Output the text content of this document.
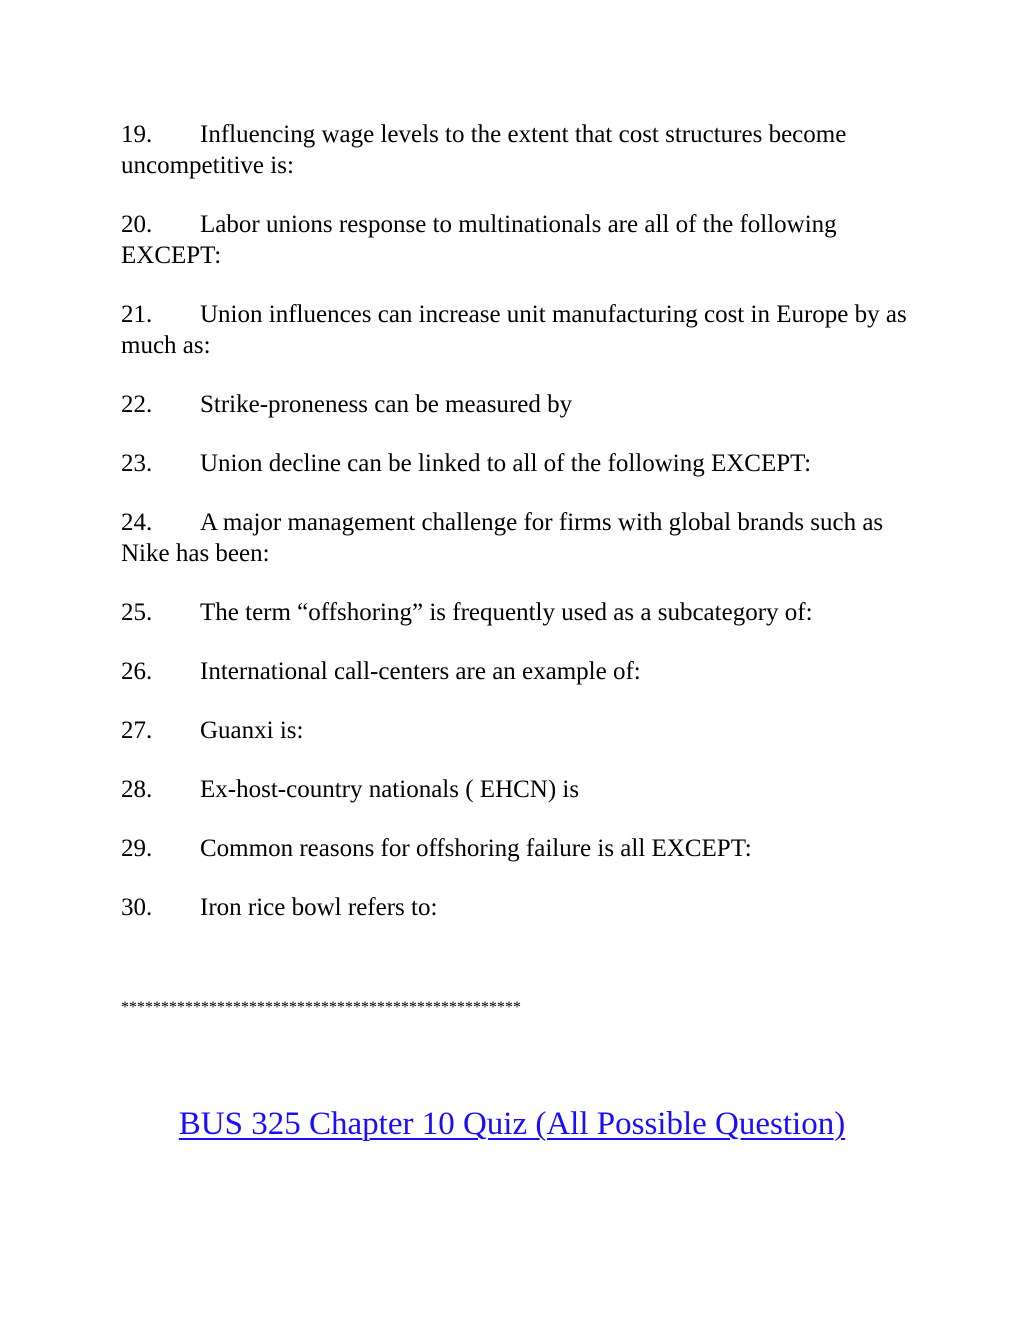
19. Influencing wage levels to the extent that cost structures become uncompetitive is:

20. Labor unions response to multinationals are all of the following EXCEPT:

21. Union influences can increase unit manufacturing cost in Europe by as much as:

22. Strike-proneness can be measured by

23. Union decline can be linked to all of the following EXCEPT:

24. A major management challenge for firms with global brands such as Nike has been:

25. The term “offshoring” is frequently used as a subcategory of:

26. International call-centers are an example of:

27. Guanxi is:

28. Ex-host-country nationals ( EHCN) is

29. Common reasons for offshoring failure is all EXCEPT:

30. Iron rice bowl refers to:

**************************************************
BUS 325 Chapter 10 Quiz (All Possible Question)
